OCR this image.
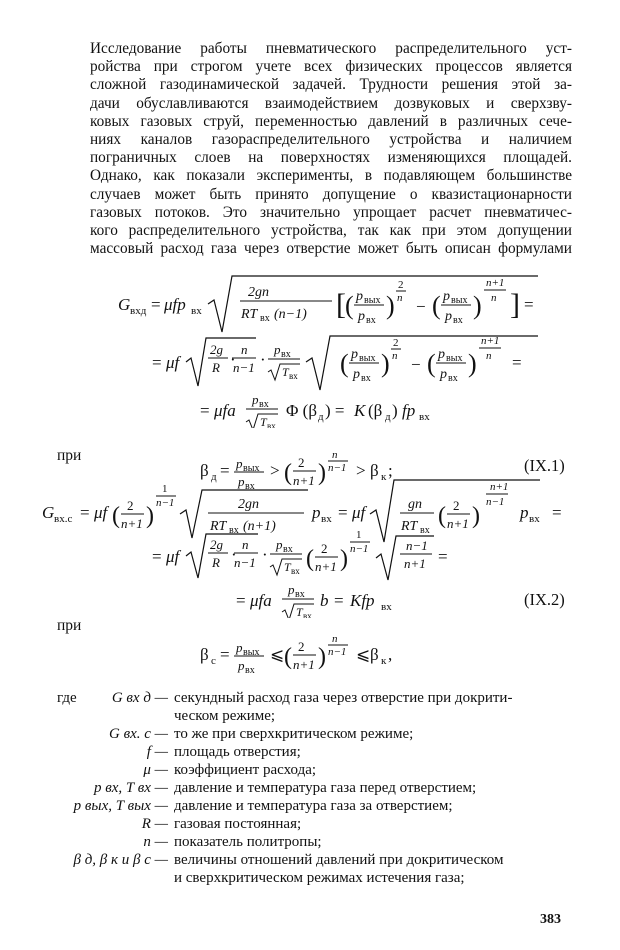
Исследование работы пневматического распределительного уст-
ройства при строгом учете всех физических процессов является
сложной газодинамической задачей. Трудности решения этой за-
дачи обуславливаются взаимодействием дозвуковых и сверхзву-
ковых газовых струй, переменностью давлений в различных сече-
ниях каналов газораспределительного устройства и наличием
пограничных слоев на поверхностях изменяющихся площадей.
Однако, как показали эксперименты, в подавляющем большинстве
случаев может быть принято допущение о квазистационарности
газовых потоков. Это значительно упрощает расчет пневматичес-
кого распределительного устройства, так как при этом допущении
массовый расход газа через отверстие может быть описан формулами
G вхд = μfp вх
2gn
RT вх (n−1) [ ( p вых
p вх
)
2
n − ( p вых
p вх
)
n+1
n ] =
= μf
2g
R ·
n
n−1 ·
p вх
T вх ( p вых
p вх
)
2
n − ( p вых
p вх
)
n+1
n =
= μfa
p вх
T вх
Φ (β д ) = K (β д ) fp вх
при
β д = p вых
p вх
> ( 2
n+1 )
n
n−1 > β к ;	(IX.1)
G вх.с = μf ( 2
n+1 )
1
n−1	2gn
RT вх (n+1)
p вх = μf	gn
RT вх
( 2
n+1 )
n+1
n−1
p вх =
= μf
2g
R ·
n
n−1 ·
p вх
T вх ( 2
n+1 )
1
n−1	n−1
n+1 =
= μfa
p вх
T вх
b = Kfp вх	(IX.2)
при
β с = p вых
p вх
⩽ ( 2
n+1 )
n
n−1 ⩽ β к ,
где	G вх д — секундный расход газа через отверстие при докрити-
ческом режиме;
G вх. с — то же при сверхкритическом режиме;
f — площадь отверстия;
μ — коэффициент расхода;
p вх, T вх — давление и температура газа перед отверстием;
p вых, T вых — давление и температура газа за отверстием;
R — газовая постоянная;
n — показатель политропы;
β д, β к и β с — величины отношений давлений при докритическом
и сверхкритическом режимах истечения газа;
383
